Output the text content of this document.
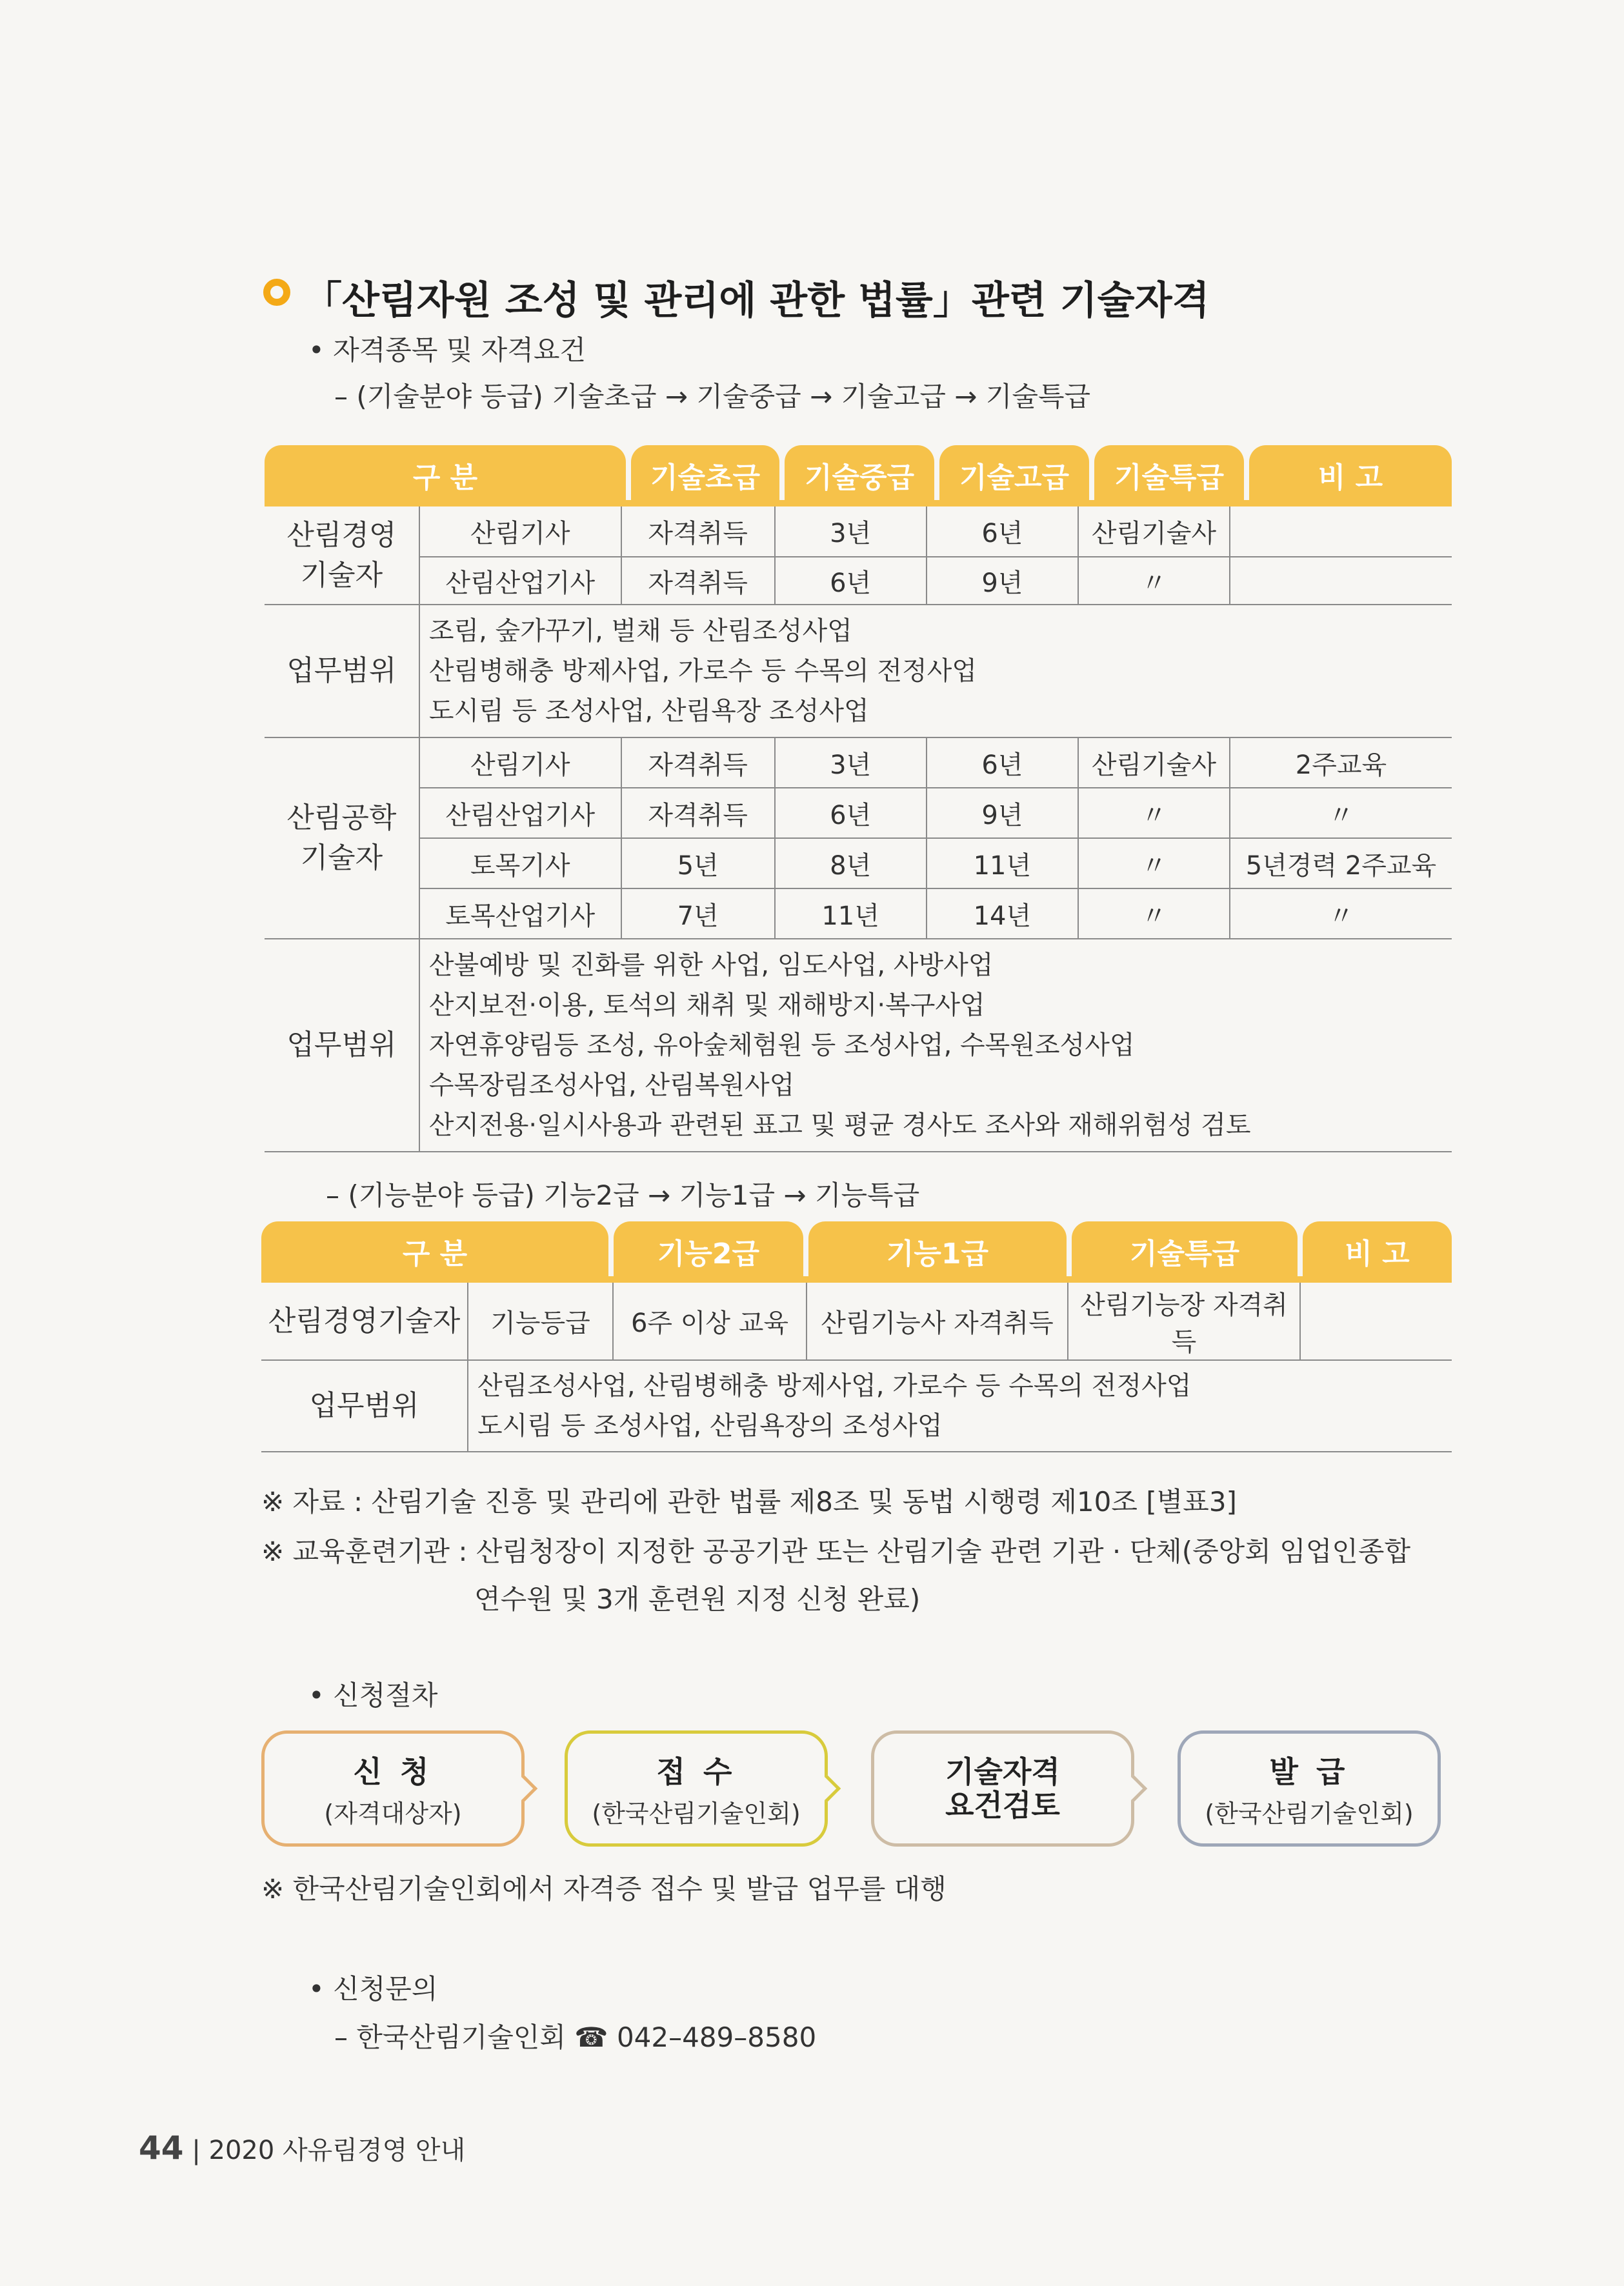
「산림자원 조성 및 관리에 관한 법률」관련 기술자격
• 자격종목 및 자격요건
– (기술분야 등급) 기술초급 → 기술중급 → 기술고급 → 기술특급
구 분	기술초급	기술중급	기술고급	기술특급	비 고
산림경영
기술자	산림기사	자격취득	3년	6년	산림기술사	
	산림산업기사	자격취득	6년	9년	〃	
업무범위	조림, 숲가꾸기, 벌채 등 산림조성사업
산림병해충 방제사업, 가로수 등 수목의 전정사업
도시림 등 조성사업, 산림욕장 조성사업					

산림공학
기술자	산림기사	자격취득	3년	6년	산림기술사	2주교육
	산림산업기사	자격취득	6년	9년	〃	〃
	토목기사	5년	8년	11년	〃	5년경력 2주교육
	토목산업기사	7년	11년	14년	〃	〃
업무범위	산불예방 및 진화를 위한 사업, 임도사업, 사방사업
산지보전·이용, 토석의 채취 및 재해방지·복구사업
자연휴양림등 조성, 유아숲체험원 등 조성사업, 수목원조성사업
수목장림조성사업, 산림복원사업
산지전용·일시사용과 관련된 표고 및 평균 경사도 조사와 재해위험성 검토					
– (기능분야 등급) 기능2급 → 기능1급 → 기능특급
구 분	기능2급	기능1급	기술특급	비 고
산림경영기술자	기능등급	6주 이상 교육	산림기능사 자격취득	산림기능장 자격취득	
업무범위	산림조성사업, 산림병해충 방제사업, 가로수 등 수목의 전정사업
도시림 등 조성사업, 산림욕장의 조성사업				
※ 자료 : 산림기술 진흥 및 관리에 관한 법률 제8조 및 동법 시행령 제10조 [별표3]
※ 교육훈련기관 : 산림청장이 지정한 공공기관 또는 산림기술 관련 기관 · 단체(중앙회 임업인종합
연수원 및 3개 훈련원 지정 신청 완료)
• 신청절차
신 청
(자격대상자)
접 수
(한국산림기술인회)
기술자격
요건검토
발 급
(한국산림기술인회)
※ 한국산림기술인회에서 자격증 접수 및 발급 업무를 대행
• 신청문의
– 한국산림기술인회 ☎ 042–489–8580
44 | 2020 사유림경영 안내
